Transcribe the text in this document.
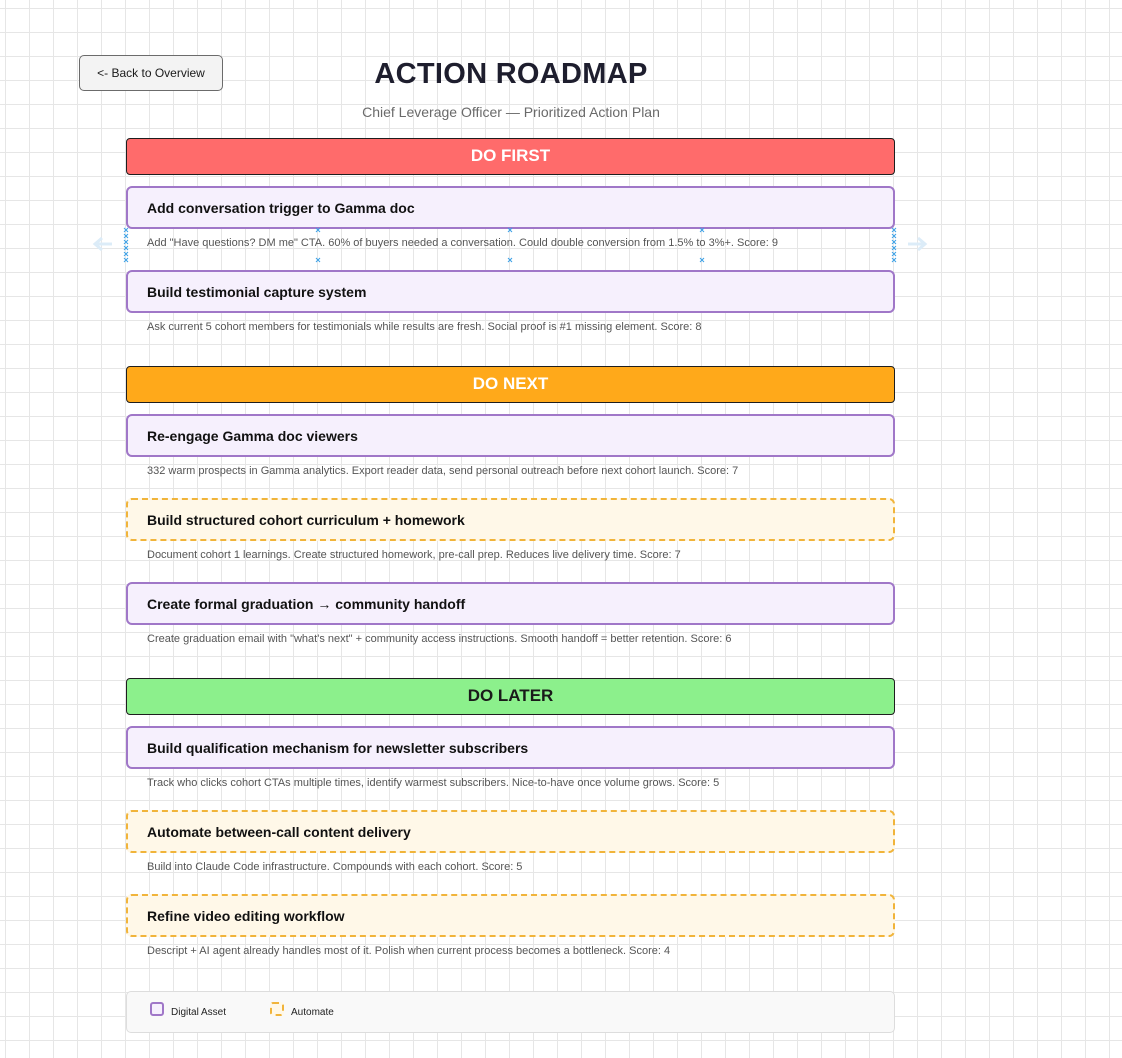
<- Back to Overview	ACTION ROADMAP
Chief Leverage Officer — Prioritized Action Plan
DO FIRST
Add conversation trigger to Gamma doc
Add "Have questions? DM me" CTA. 60% of buyers needed a conversation. Could double conversion from 1.5% to 3%+. Score: 9
Build testimonial capture system
Ask current 5 cohort members for testimonials while results are fresh. Social proof is #1 missing element. Score: 8
DO NEXT
Re-engage Gamma doc viewers
332 warm prospects in Gamma analytics. Export reader data, send personal outreach before next cohort launch. Score: 7
Build structured cohort curriculum + homework
Document cohort 1 learnings. Create structured homework, pre-call prep. Reduces live delivery time. Score: 7
Create formal graduation → community handoff
Create graduation email with "what's next" + community access instructions. Smooth handoff = better retention. Score: 6
DO LATER
Build qualification mechanism for newsletter subscribers
Track who clicks cohort CTAs multiple times, identify warmest subscribers. Nice-to-have once volume grows. Score: 5
Automate between-call content delivery
Build into Claude Code infrastructure. Compounds with each cohort. Score: 5
Refine video editing workflow
Descript + AI agent already handles most of it. Polish when current process becomes a bottleneck. Score: 4
Digital Asset	Automate
